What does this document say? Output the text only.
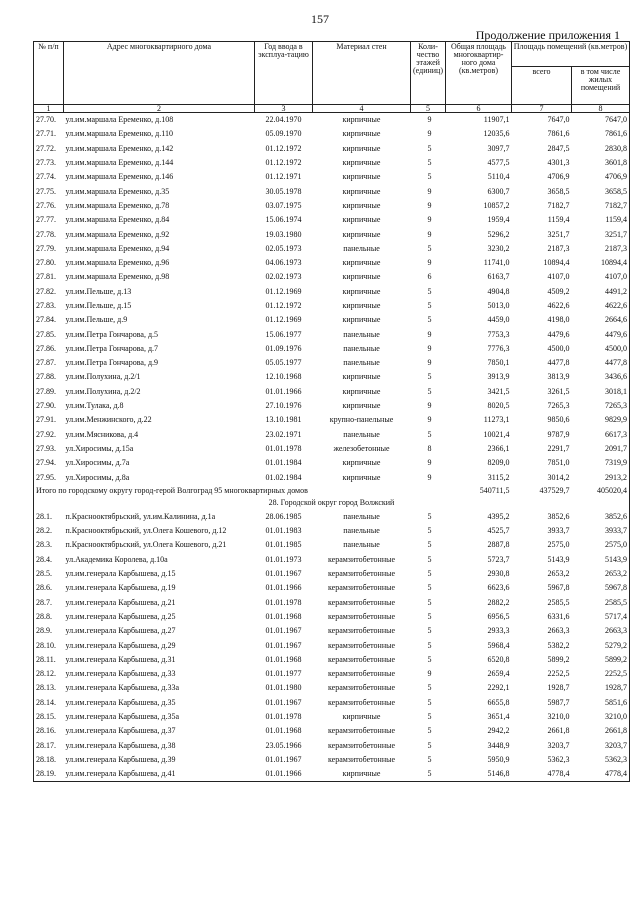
157
Продолжение приложения 1
№ п/п	Адрес многоквартирного дома	Год ввода в эксплуа-тацию	Материал стен	Коли-чество этажей (единиц)	Общая площадь многоквартир-ного дома (кв.метров)	Площадь помещений (кв.метров)	
						всего	в том числе жилых помещений
1	2	3	4	5	6	7	8
27.70.	ул.им.маршала Еременко, д.108	22.04.1970	кирпичные	9	11907,1	7647,0	7647,0
27.71.	ул.им.маршала Еременко, д.110	05.09.1970	кирпичные	9	12035,6	7861,6	7861,6
27.72.	ул.им.маршала Еременко, д.142	01.12.1972	кирпичные	5	3097,7	2847,5	2830,8
27.73.	ул.им.маршала Еременко, д.144	01.12.1972	кирпичные	5	4577,5	4301,3	3601,8
27.74.	ул.им.маршала Еременко, д.146	01.12.1971	кирпичные	5	5110,4	4706,9	4706,9
27.75.	ул.им.маршала Еременко, д.35	30.05.1978	кирпичные	9	6300,7	3658,5	3658,5
27.76.	ул.им.маршала Еременко, д.78	03.07.1975	кирпичные	9	10857,2	7182,7	7182,7
27.77.	ул.им.маршала Еременко, д.84	15.06.1974	кирпичные	9	1959,4	1159,4	1159,4
27.78.	ул.им.маршала Еременко, д.92	19.03.1980	кирпичные	9	5296,2	3251,7	3251,7
27.79.	ул.им.маршала Еременко, д.94	02.05.1973	панельные	5	3230,2	2187,3	2187,3
27.80.	ул.им.маршала Еременко, д.96	04.06.1973	кирпичные	9	11741,0	10894,4	10894,4
27.81.	ул.им.маршала Еременко, д.98	02.02.1973	кирпичные	6	6163,7	4107,0	4107,0
27.82.	ул.им.Пельше, д.13	01.12.1969	кирпичные	5	4904,8	4509,2	4491,2
27.83.	ул.им.Пельше, д.15	01.12.1972	кирпичные	5	5013,0	4622,6	4622,6
27.84.	ул.им.Пельше, д.9	01.12.1969	кирпичные	5	4459,0	4198,0	2664,6
27.85.	ул.им.Петра Гончарова, д.5	15.06.1977	панельные	9	7753,3	4479,6	4479,6
27.86.	ул.им.Петра Гончарова, д.7	01.09.1976	панельные	9	7776,3	4500,0	4500,0
27.87.	ул.им.Петра Гончарова, д.9	05.05.1977	панельные	9	7850,1	4477,8	4477,8
27.88.	ул.им.Полухина, д.2/1	12.10.1968	кирпичные	5	3913,9	3813,9	3436,6
27.89.	ул.им.Полухина, д.2/2	01.01.1966	кирпичные	5	3421,5	3261,5	3018,1
27.90.	ул.им.Тулака, д.8	27.10.1976	кирпичные	9	8020,5	7265,3	7265,3
27.91.	ул.им.Менжинского, д.22	13.10.1981	крупно-панельные	9	11273,1	9850,6	9829,9
27.92.	ул.им.Мясникова, д.4	23.02.1971	панельные	5	10021,4	9787,9	6617,3
27.93.	ул.Хиросимы, д.15а	01.01.1978	железобетонные	8	2366,1	2291,7	2091,7
27.94.	ул.Хиросимы, д.7а	01.01.1984	кирпичные	9	8209,0	7851,0	7319,9
27.95.	ул.Хиросимы, д.8а	01.02.1984	кирпичные	9	3115,2	3014,2	2913,2
Итого по городскому округу город-герой Волгоград 95 многоквартирных домов					540711,5	437529,7	405020,4
28. Городской округ город Волжский							
28.1.	п.Краснооктябрьский, ул.им.Калинина, д.1а	28.06.1985	панельные	5	4395,2	3852,6	3852,6
28.2.	п.Краснооктябрьский, ул.Олега Кошевого, д.12	01.01.1983	панельные	5	4525,7	3933,7	3933,7
28.3.	п.Краснооктябрьский, ул.Олега Кошевого, д.21	01.01.1985	панельные	5	2887,8	2575,0	2575,0
28.4.	ул.Академика Королева, д.10а	01.01.1973	керамзитобетонные	5	5723,7	5143,9	5143,9
28.5.	ул.им.генерала Карбышева, д.15	01.01.1967	керамзитобетонные	5	2930,8	2653,2	2653,2
28.6.	ул.им.генерала Карбышева, д.19	01.01.1966	керамзитобетонные	5	6623,6	5967,8	5967,8
28.7.	ул.им.генерала Карбышева, д.21	01.01.1978	керамзитобетонные	5	2882,2	2585,5	2585,5
28.8.	ул.им.генерала Карбышева, д.25	01.01.1968	керамзитобетонные	5	6956,5	6331,6	5717,4
28.9.	ул.им.генерала Карбышева, д.27	01.01.1967	керамзитобетонные	5	2933,3	2663,3	2663,3
28.10.	ул.им.генерала Карбышева, д.29	01.01.1967	керамзитобетонные	5	5968,4	5382,2	5279,2
28.11.	ул.им.генерала Карбышева, д.31	01.01.1968	керамзитобетонные	5	6520,8	5899,2	5899,2
28.12.	ул.им.генерала Карбышева, д.33	01.01.1977	керамзитобетонные	9	2659,4	2252,5	2252,5
28.13.	ул.им.генерала Карбышева, д.33а	01.01.1980	керамзитобетонные	5	2292,1	1928,7	1928,7
28.14.	ул.им.генерала Карбышева, д.35	01.01.1967	керамзитобетонные	5	6655,8	5987,7	5851,6
28.15.	ул.им.генерала Карбышева, д.35а	01.01.1978	кирпичные	5	3651,4	3210,0	3210,0
28.16.	ул.им.генерала Карбышева, д.37	01.01.1968	керамзитобетонные	5	2942,2	2661,8	2661,8
28.17.	ул.им.генерала Карбышева, д.38	23.05.1966	керамзитобетонные	5	3448,9	3203,7	3203,7
28.18.	ул.им.генерала Карбышева, д.39	01.01.1967	керамзитобетонные	5	5950,9	5362,3	5362,3
28.19.	ул.им.генерала Карбышева, д.41	01.01.1966	кирпичные	5	5146,8	4778,4	4778,4
